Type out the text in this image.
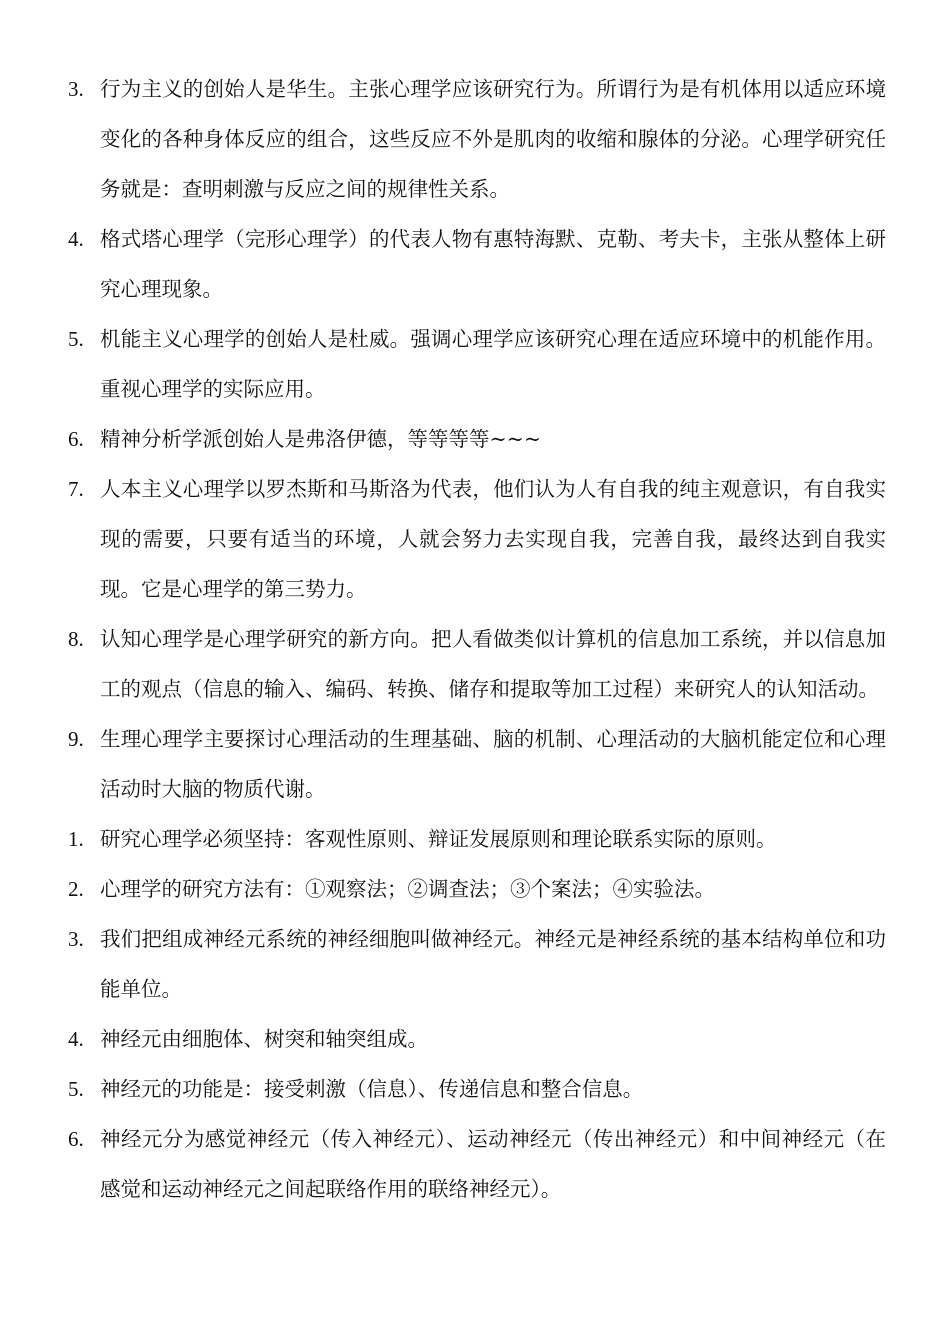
3. 行为主义的创始人是华生。主张心理学应该研究行为。所谓行为是有机体用以适应环境变化的各种身体反应的组合，这些反应不外是肌肉的收缩和腺体的分泌。心理学研究任务就是：查明刺激与反应之间的规律性关系。
4. 格式塔心理学（完形心理学）的代表人物有惠特海默、克勒、考夫卡，主张从整体上研究心理现象。
5. 机能主义心理学的创始人是杜威。强调心理学应该研究心理在适应环境中的机能作用。重视心理学的实际应用。
6. 精神分析学派创始人是弗洛伊德，等等等等~~~
7. 人本主义心理学以罗杰斯和马斯洛为代表，他们认为人有自我的纯主观意识，有自我实现的需要，只要有适当的环境，人就会努力去实现自我，完善自我，最终达到自我实现。它是心理学的第三势力。
8. 认知心理学是心理学研究的新方向。把人看做类似计算机的信息加工系统，并以信息加工的观点（信息的输入、编码、转换、储存和提取等加工过程）来研究人的认知活动。
9. 生理心理学主要探讨心理活动的生理基础、脑的机制、心理活动的大脑机能定位和心理活动时大脑的物质代谢。
1. 研究心理学必须坚持：客观性原则、辩证发展原则和理论联系实际的原则。
2. 心理学的研究方法有：①观察法；②调查法；③个案法；④实验法。
3. 我们把组成神经元系统的神经细胞叫做神经元。神经元是神经系统的基本结构单位和功能单位。
4. 神经元由细胞体、树突和轴突组成。
5. 神经元的功能是：接受刺激（信息）、传递信息和整合信息。
6. 神经元分为感觉神经元（传入神经元）、运动神经元（传出神经元）和中间神经元（在感觉和运动神经元之间起联络作用的联络神经元）。
